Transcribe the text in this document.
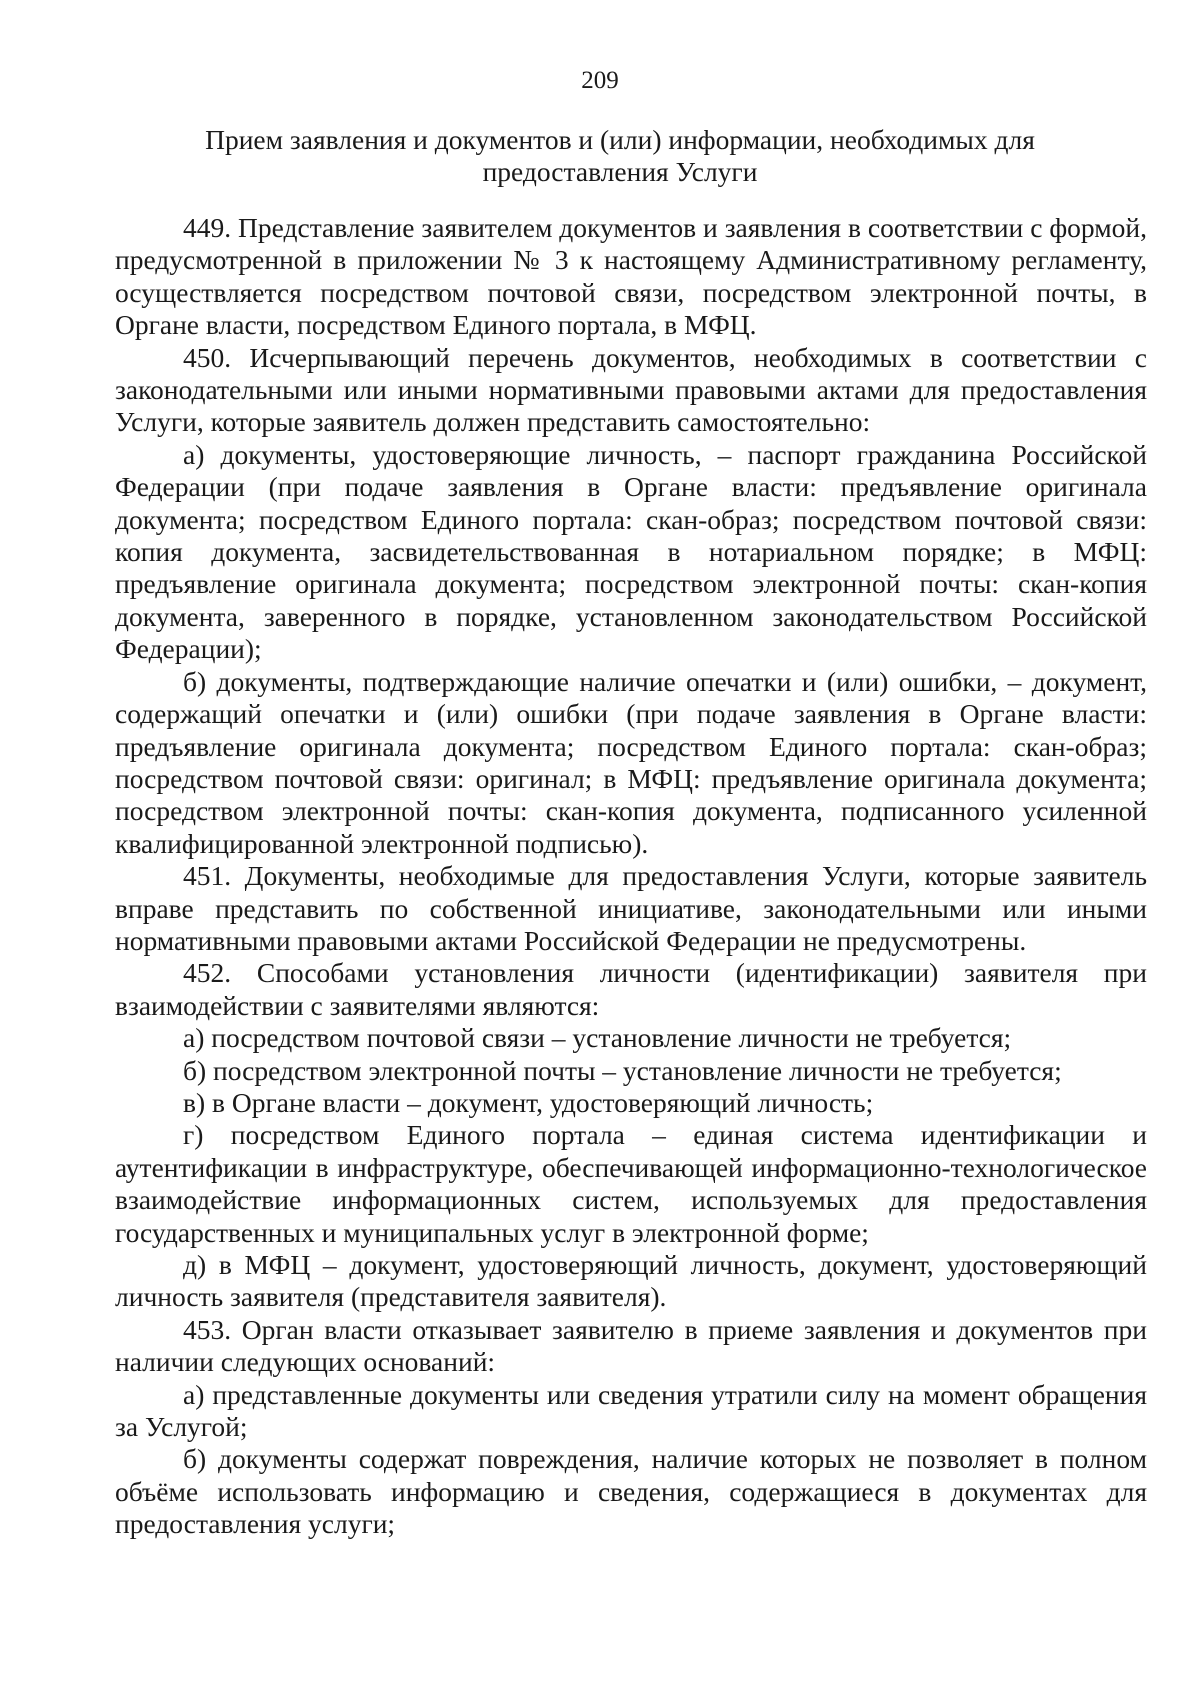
209
Прием заявления и документов и (или) информации, необходимых для предоставления Услуги

449. Представление заявителем документов и заявления в соответствии с формой, предусмотренной в приложении № 3 к настоящему Административному регламенту, осуществляется посредством почтовой связи, посредством электронной почты, в Органе власти, посредством Единого портала, в МФЦ.

450. Исчерпывающий перечень документов, необходимых в соответствии с законодательными или иными нормативными правовыми актами для предоставления Услуги, которые заявитель должен представить самостоятельно:

а) документы, удостоверяющие личность, – паспорт гражданина Российской Федерации (при подаче заявления в Органе власти: предъявление оригинала документа; посредством Единого портала: скан-образ; посредством почтовой связи: копия документа, засвидетельствованная в нотариальном порядке; в МФЦ: предъявление оригинала документа; посредством электронной почты: скан-копия документа, заверенного в порядке, установленном законодательством Российской Федерации);

б) документы, подтверждающие наличие опечатки и (или) ошибки, – документ, содержащий опечатки и (или) ошибки (при подаче заявления в Органе власти: предъявление оригинала документа; посредством Единого портала: скан-образ; посредством почтовой связи: оригинал; в МФЦ: предъявление оригинала документа; посредством электронной почты: скан-копия документа, подписанного усиленной квалифицированной электронной подписью).

451. Документы, необходимые для предоставления Услуги, которые заявитель вправе представить по собственной инициативе, законодательными или иными нормативными правовыми актами Российской Федерации не предусмотрены.

452. Способами установления личности (идентификации) заявителя при взаимодействии с заявителями являются:

а) посредством почтовой связи – установление личности не требуется;

б) посредством электронной почты – установление личности не требуется;

в) в Органе власти – документ, удостоверяющий личность;

г) посредством Единого портала – единая система идентификации и аутентификации в инфраструктуре, обеспечивающей информационно-технологическое взаимодействие информационных систем, используемых для предоставления государственных и муниципальных услуг в электронной форме;

д) в МФЦ – документ, удостоверяющий личность, документ, удостоверяющий личность заявителя (представителя заявителя).

453. Орган власти отказывает заявителю в приеме заявления и документов при наличии следующих оснований:

а) представленные документы или сведения утратили силу на момент обращения за Услугой;

б) документы содержат повреждения, наличие которых не позволяет в полном объёме использовать информацию и сведения, содержащиеся в документах для предоставления услуги;
